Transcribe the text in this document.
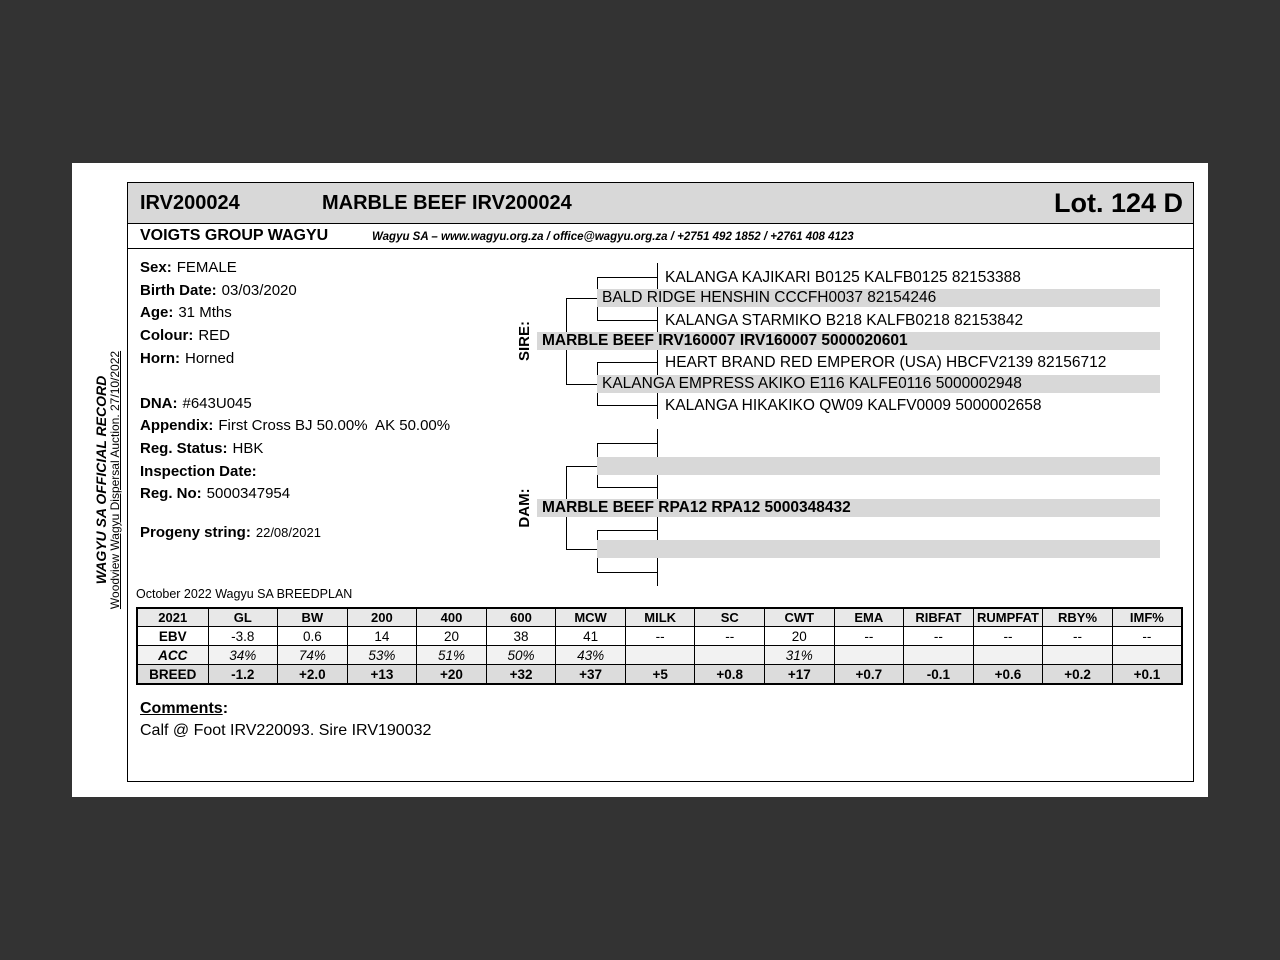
WAGYU SA OFFICIAL RECORD Woodview Wagyu Dispersal Auction. 27/10/2022
IRV200024	MARBLE BEEF IRV200024	Lot. 124 D
VOIGTS GROUP WAGYU	Wagyu SA – www.wagyu.org.za / office@wagyu.org.za / +2751 492 1852 / +2761 408 4123
Sex: FEMALE
Birth Date: 03/03/2020
Age: 31 Mths
Colour: RED
Horn: Horned
DNA: #643U045
Appendix: First Cross BJ 50.00%  AK 50.00%
Reg. Status: HBK
Inspection Date:
Reg. No: 5000347954
Progeny string: 22/08/2021
SIRE:
DAM:
KALANGA KAJIKARI B0125 KALFB0125 82153388
BALD RIDGE HENSHIN CCCFH0037 82154246
KALANGA STARMIKO B218 KALFB0218 82153842
MARBLE BEEF IRV160007 IRV160007 5000020601
HEART BRAND RED EMPEROR (USA) HBCFV2139 82156712
KALANGA EMPRESS AKIKO E116 KALFE0116 5000002948
KALANGA HIKAKIKO QW09 KALFV0009 5000002658
MARBLE BEEF RPA12 RPA12 5000348432
October 2022 Wagyu SA BREEDPLAN
2021	GL	BW	200	400	600	MCW	MILK	SC	CWT	EMA	RIBFAT	RUMPFAT	RBY%	IMF%
EBV	-3.8	0.6	14	20	38	41	--	--	20	--	--	--	--	--
ACC	34%	74%	53%	51%	50%	43%			31%					
BREED	-1.2	+2.0	+13	+20	+32	+37	+5	+0.8	+17	+0.7	-0.1	+0.6	+0.2	+0.1
Comments:
Calf @ Foot IRV220093. Sire IRV190032
